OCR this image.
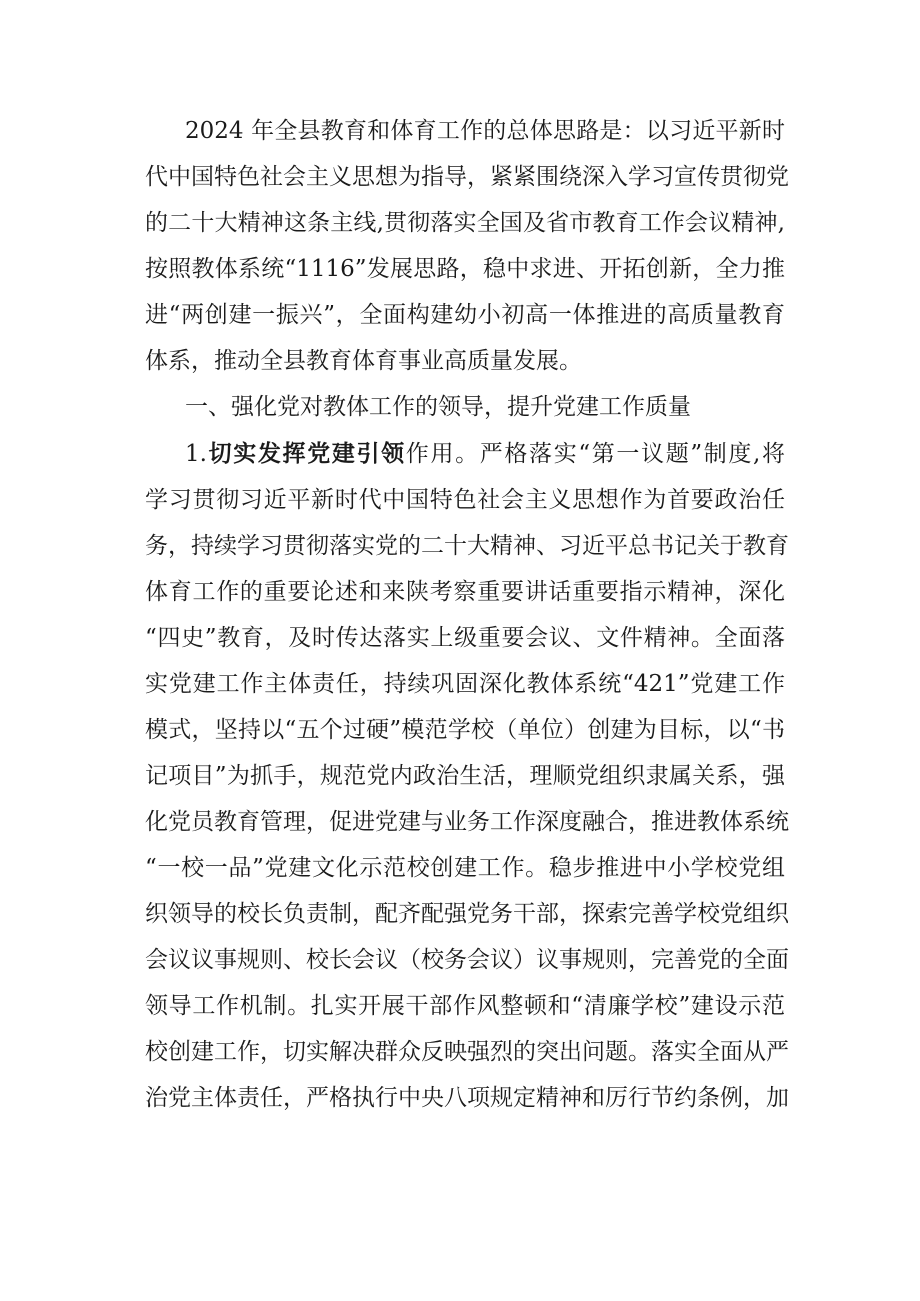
2024 年全县教育和体育工作的总体思路是：以习近平新时
代中国特色社会主义思想为指导，紧紧围绕深入学习宣传贯彻党
的二十大精神这条主线,贯彻落实全国及省市教育工作会议精神,
按照教体系统“1116”发展思路，稳中求进、开拓创新，全力推
进“两创建一振兴”，全面构建幼小初高一体推进的高质量教育
体系，推动全县教育体育事业高质量发展。
一、强化党对教体工作的领导，提升党建工作质量
1.切实发挥党建引领作用。严格落实“第一议题”制度,将
学习贯彻习近平新时代中国特色社会主义思想作为首要政治任
务，持续学习贯彻落实党的二十大精神、习近平总书记关于教育
体育工作的重要论述和来陕考察重要讲话重要指示精神，深化
“四史”教育，及时传达落实上级重要会议、文件精神。全面落
实党建工作主体责任，持续巩固深化教体系统“421”党建工作
模式，坚持以“五个过硬”模范学校（单位）创建为目标，以“书
记项目”为抓手，规范党内政治生活，理顺党组织隶属关系，强
化党员教育管理，促进党建与业务工作深度融合，推进教体系统
“一校一品”党建文化示范校创建工作。稳步推进中小学校党组
织领导的校长负责制，配齐配强党务干部，探索完善学校党组织
会议议事规则、校长会议（校务会议）议事规则，完善党的全面
领导工作机制。扎实开展干部作风整顿和“清廉学校”建设示范
校创建工作，切实解决群众反映强烈的突出问题。落实全面从严
治党主体责任，严格执行中央八项规定精神和厉行节约条例，加
